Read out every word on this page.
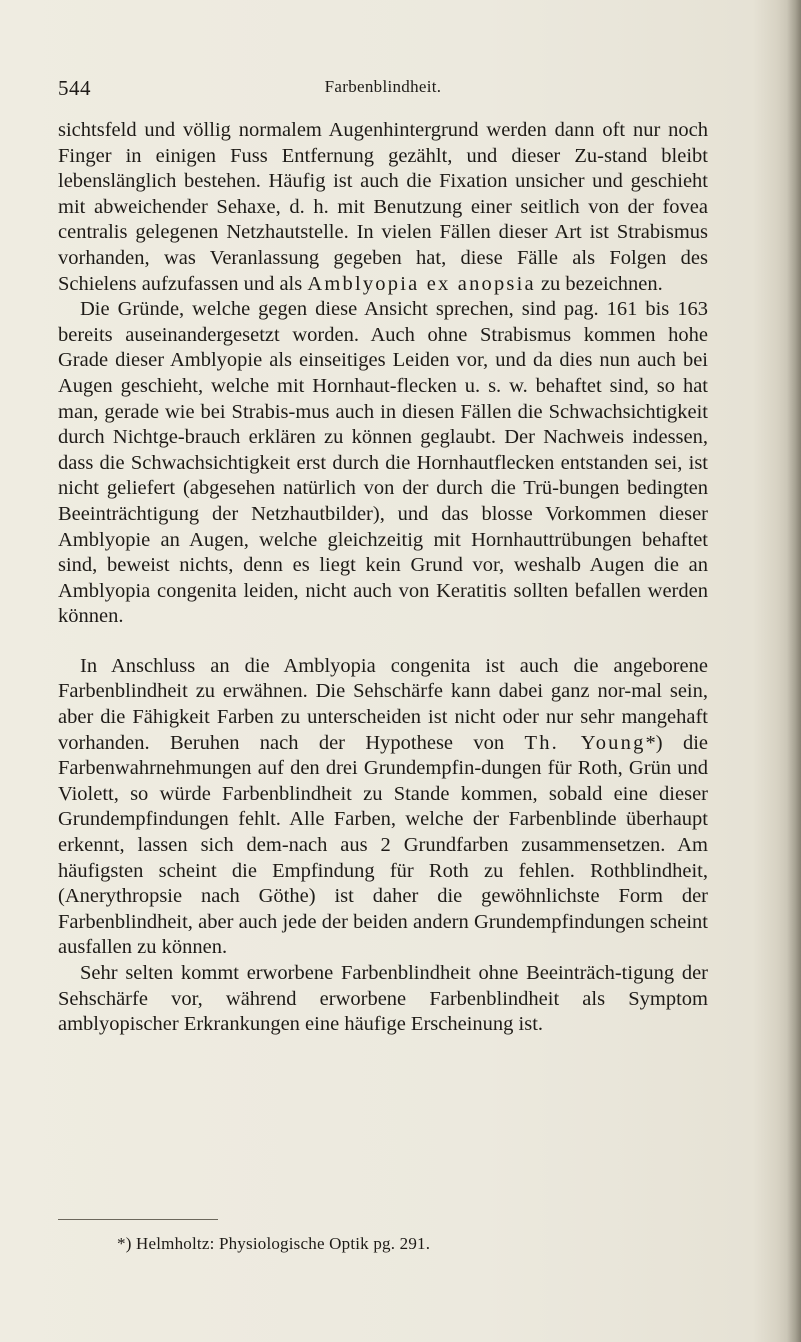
544	Farbenblindheit.

sichtsfeld und völlig normalem Augenhintergrund werden dann oft nur noch Finger in einigen Fuss Entfernung gezählt, und dieser Zu-stand bleibt lebenslänglich bestehen. Häufig ist auch die Fixation unsicher und geschieht mit abweichender Sehaxe, d. h. mit Benutzung einer seitlich von der fovea centralis gelegenen Netzhautstelle. In vielen Fällen dieser Art ist Strabismus vorhanden, was Veranlassung gegeben hat, diese Fälle als Folgen des Schielens aufzufassen und als Amblyopia ex anopsia zu bezeichnen.

Die Gründe, welche gegen diese Ansicht sprechen, sind pag. 161 bis 163 bereits auseinandergesetzt worden. Auch ohne Strabismus kommen hohe Grade dieser Amblyopie als einseitiges Leiden vor, und da dies nun auch bei Augen geschieht, welche mit Hornhaut-flecken u. s. w. behaftet sind, so hat man, gerade wie bei Strabis-mus auch in diesen Fällen die Schwachsichtigkeit durch Nichtge-brauch erklären zu können geglaubt. Der Nachweis indessen, dass die Schwachsichtigkeit erst durch die Hornhautflecken entstanden sei, ist nicht geliefert (abgesehen natürlich von der durch die Trü-bungen bedingten Beeinträchtigung der Netzhautbilder), und das blosse Vorkommen dieser Amblyopie an Augen, welche gleichzeitig mit Hornhauttrübungen behaftet sind, beweist nichts, denn es liegt kein Grund vor, weshalb Augen die an Amblyopia congenita leiden, nicht auch von Keratitis sollten befallen werden können.

In Anschluss an die Amblyopia congenita ist auch die angeborene Farbenblindheit zu erwähnen. Die Sehschärfe kann dabei ganz nor-mal sein, aber die Fähigkeit Farben zu unterscheiden ist nicht oder nur sehr mangehaft vorhanden. Beruhen nach der Hypothese von Th. Young*) die Farbenwahrnehmungen auf den drei Grundempfin-dungen für Roth, Grün und Violett, so würde Farbenblindheit zu Stande kommen, sobald eine dieser Grundempfindungen fehlt. Alle Farben, welche der Farbenblinde überhaupt erkennt, lassen sich dem-nach aus 2 Grundfarben zusammensetzen. Am häufigsten scheint die Empfindung für Roth zu fehlen. Rothblindheit, (Anerythropsie nach Göthe) ist daher die gewöhnlichste Form der Farbenblindheit, aber auch jede der beiden andern Grundempfindungen scheint ausfallen zu können.

Sehr selten kommt erworbene Farbenblindheit ohne Beeinträch-tigung der Sehschärfe vor, während erworbene Farbenblindheit als Symptom amblyopischer Erkrankungen eine häufige Erscheinung ist.

*) Helmholtz: Physiologische Optik pg. 291.
